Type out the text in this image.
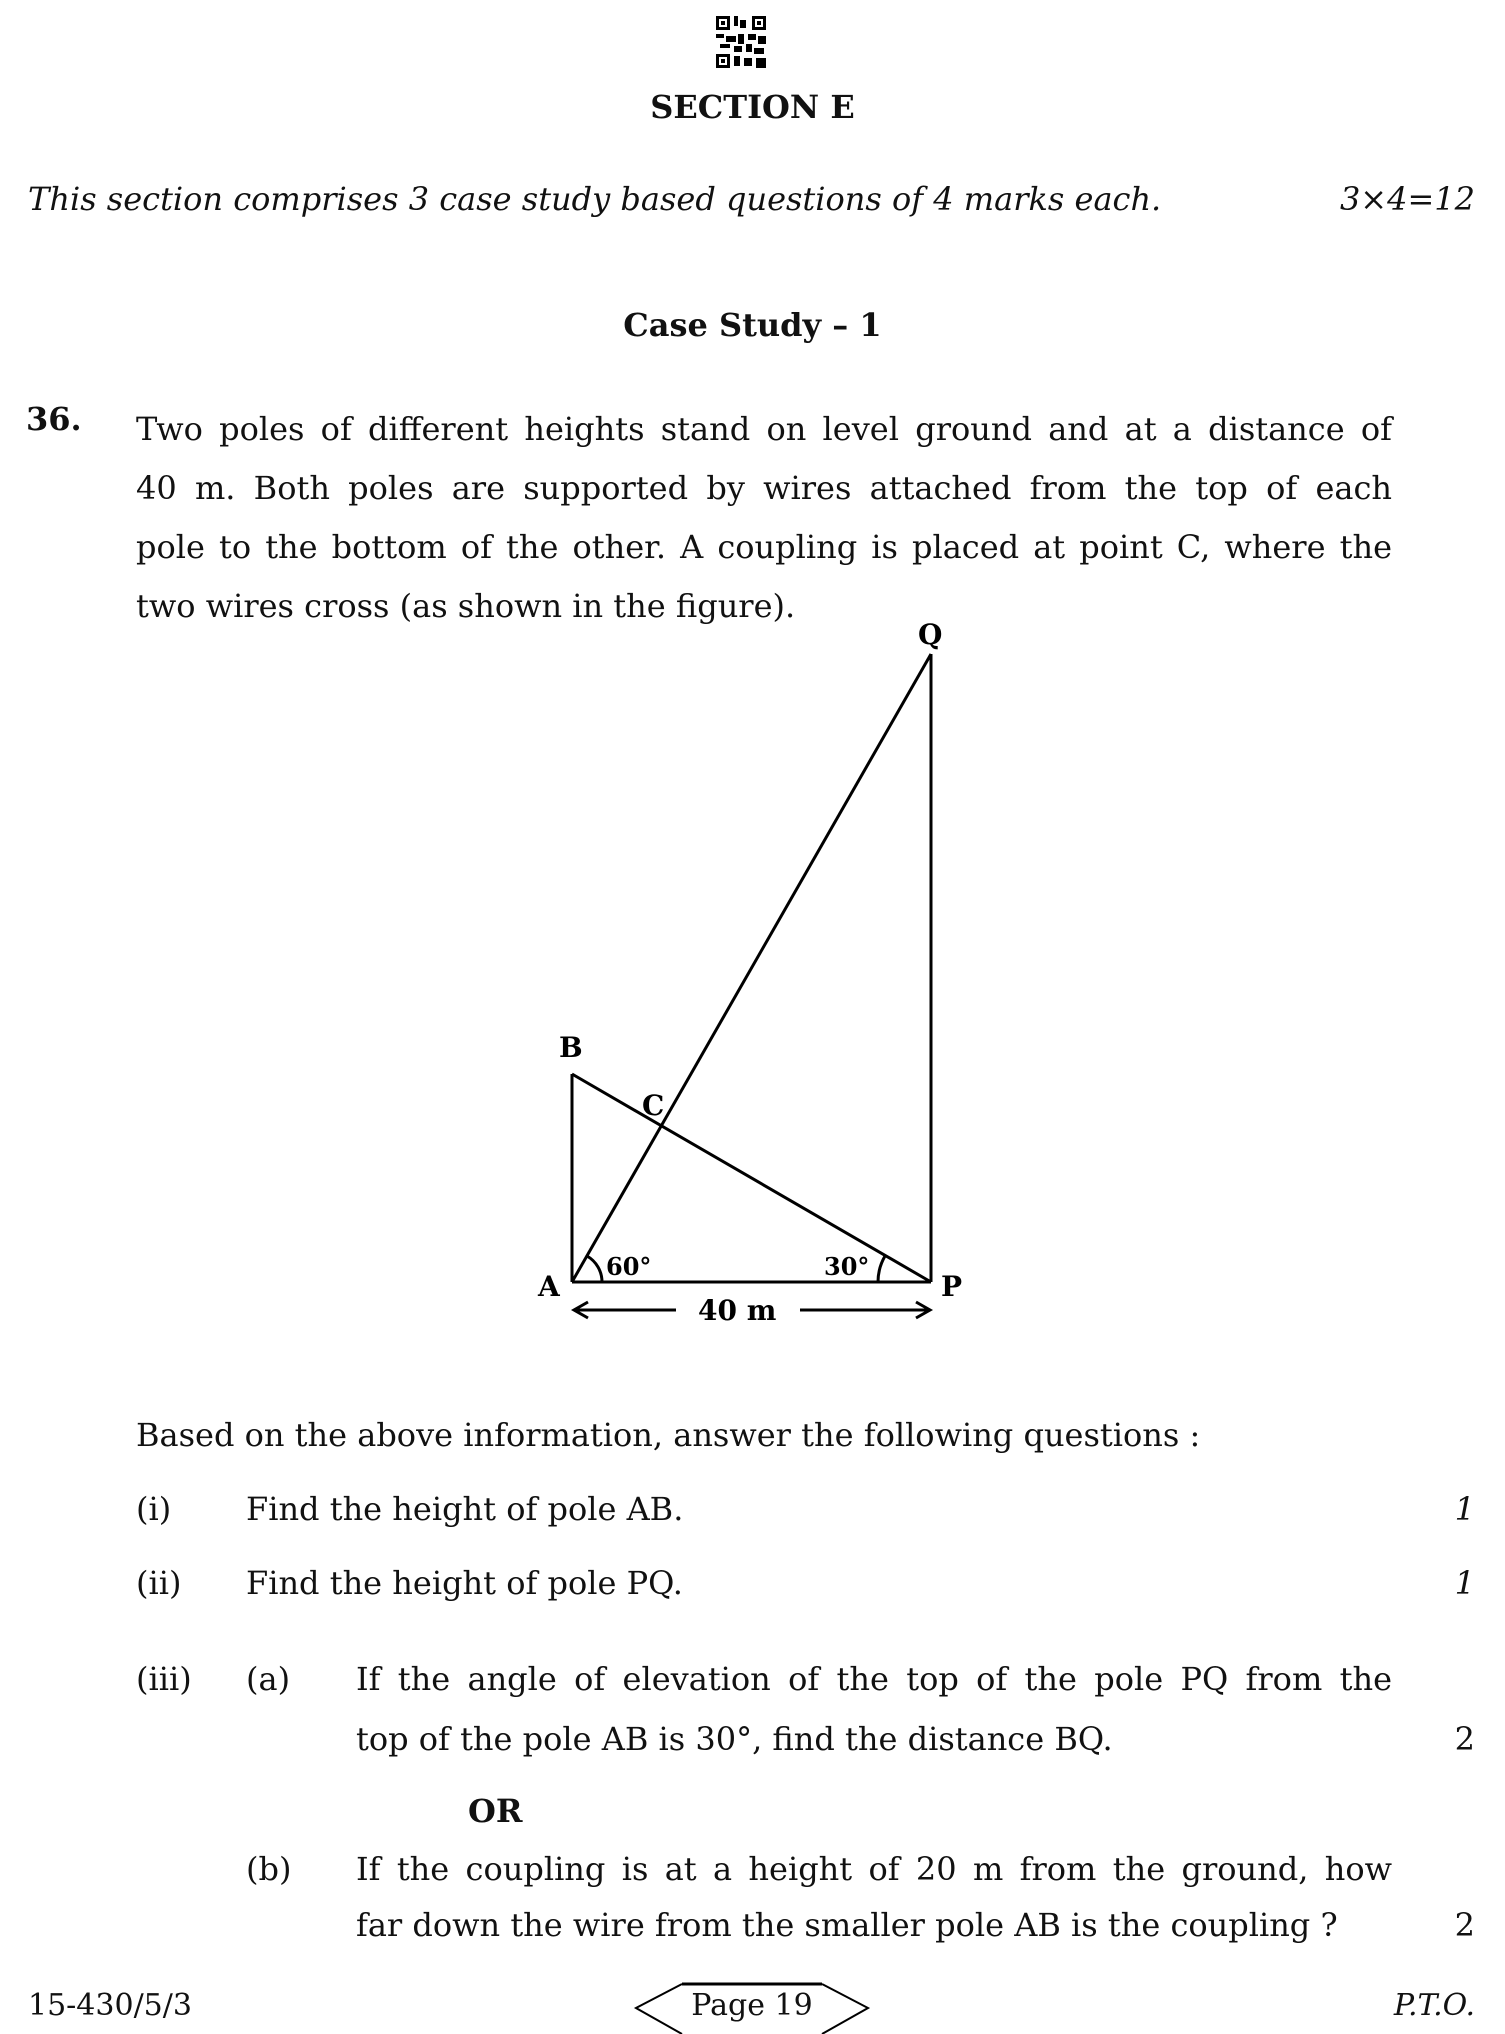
SECTION E
This section comprises 3 case study based questions of 4 marks each.	3×4=12
Case Study – 1
36. Two poles of different heights stand on level ground and at a distance of
40 m. Both poles are supported by wires attached from the top of each
pole to the bottom of the other. A coupling is placed at point C, where the
two wires cross (as shown in the figure).
Q
B
C
A	P
60°	30°
40 m
Based on the above information, answer the following questions :
(i) Find the height of pole AB.	1
(ii) Find the height of pole PQ.	1
(iii) (a) If the angle of elevation of the top of the pole PQ from the
top of the pole AB is 30°, find the distance BQ.	2
OR
(b) If the coupling is at a height of 20 m from the ground, how
far down the wire from the smaller pole AB is the coupling ?	2
15-430/5/3	Page 19	P.T.O.
